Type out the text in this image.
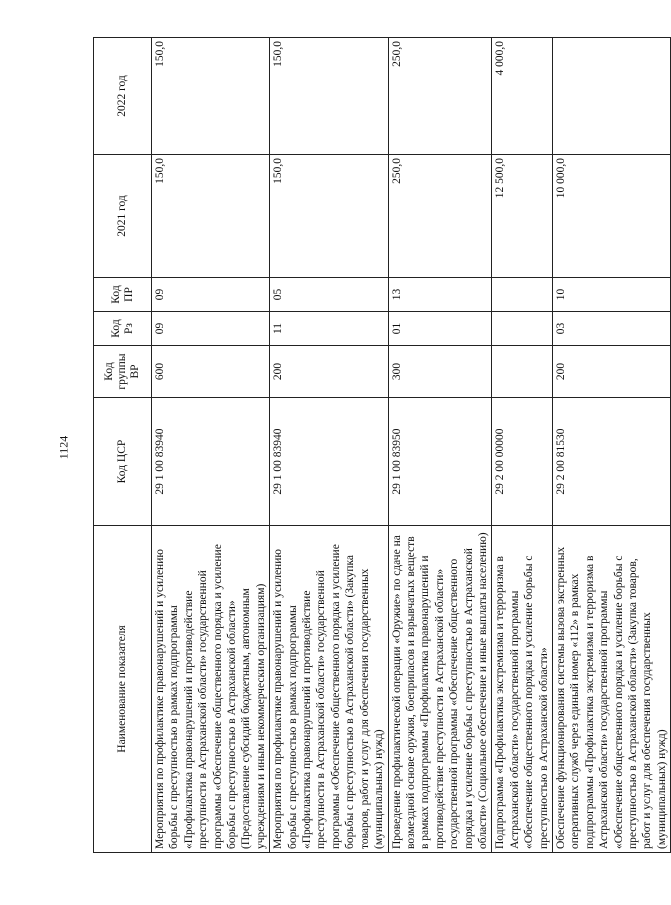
1124
Наименование показателя	Код ЦСР	Код группы ВР	Код Рз	Код ПР	2021 год	2022 год
Мероприятия по профилактике правонарушений и усилению борьбы с преступностью в рамках подпрограммы «Профилактика правонарушений и противодействие преступности в Астраханской области» государственной программы «Обеспечение общественного порядка и усиление борьбы с преступностью в Астраханской области» (Предоставление субсидий бюджетным, автономным учреждениям и иным некоммерческим организациям)	29 1 00 83940	600	09	09	150,0	150,0
Мероприятия по профилактике правонарушений и усилению борьбы с преступностью в рамках подпрограммы «Профилактика правонарушений и противодействие преступности в Астраханской области» государственной программы «Обеспечение общественного порядка и усиление борьбы с преступностью в Астраханской области» (Закупка товаров, работ и услуг для обеспечения государственных (муниципальных) нужд)	29 1 00 83940	200	11	05	150,0	150,0
Проведение профилактической операции «Оружие» по сдаче на возмездной основе оружия, боеприпасов и взрывчатых веществ в рамках подпрограммы «Профилактика правонарушений и противодействие преступности в Астраханской области» государственной программы «Обеспечение общественного порядка и усиление борьбы с преступностью в Астраханской области» (Социальное обеспечение и иные выплаты населению)	29 1 00 83950	300	01	13	250,0	250,0
Подпрограмма «Профилактика экстремизма и терроризма в Астраханской области» государственной программы «Обеспечение общественного порядка и усиление борьбы с преступностью в Астраханской области»	29 2 00 00000				12 500,0	4 000,0
Обеспечение функционирования системы вызова экстренных оперативных служб через единый номер «112» в рамках подпрограммы «Профилактика экстремизма и терроризма в Астраханской области» государственной программы «Обеспечение общественного порядка и усиление борьбы с преступностью в Астраханской области» (Закупка товаров, работ и услуг для обеспечения государственных (муниципальных) нужд)	29 2 00 81530	200	03	10	10 000,0	
